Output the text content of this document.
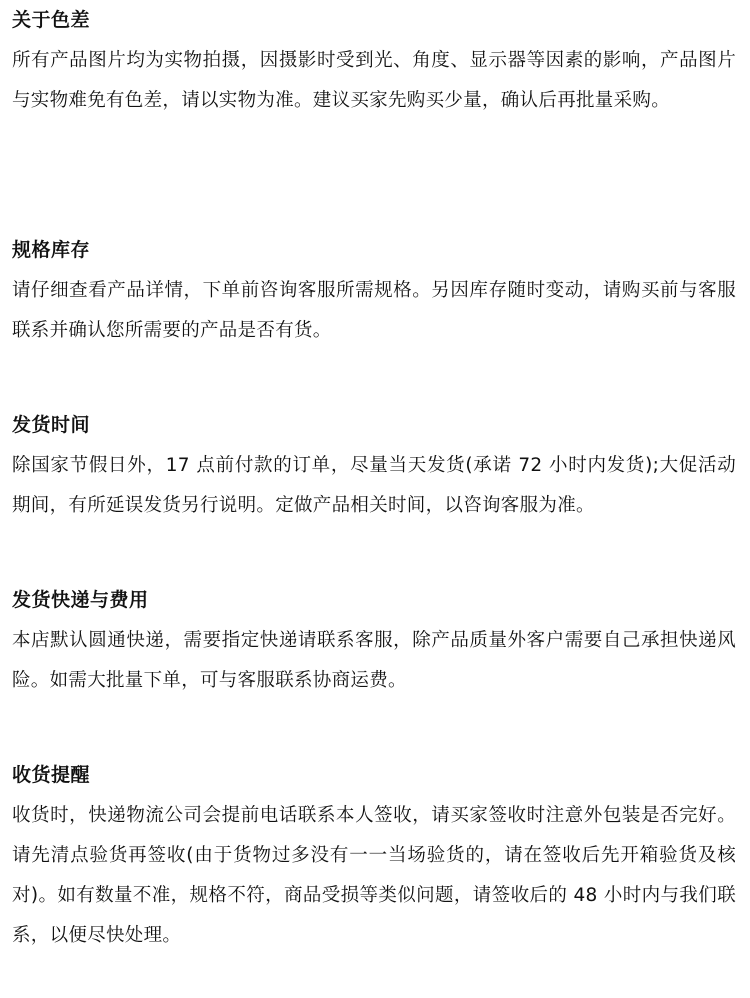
关于色差

所有产品图片均为实物拍摄，因摄影时受到光、角度、显示器等因素的影响，产品图片与实物难免有色差，请以实物为准。建议买家先购买少量，确认后再批量采购。

规格库存

请仔细查看产品详情，下单前咨询客服所需规格。另因库存随时变动，请购买前与客服联系并确认您所需要的产品是否有货。

发货时间

除国家节假日外，17 点前付款的订单，尽量当天发货(承诺 72 小时内发货);大促活动期间，有所延误发货另行说明。定做产品相关时间，以咨询客服为准。

发货快递与费用

本店默认圆通快递，需要指定快递请联系客服，除产品质量外客户需要自己承担快递风险。如需大批量下单，可与客服联系协商运费。

收货提醒

收货时，快递物流公司会提前电话联系本人签收，请买家签收时注意外包装是否完好。请先清点验货再签收(由于货物过多没有一一当场验货的，请在签收后先开箱验货及核对)。如有数量不准，规格不符，商品受损等类似问题，请签收后的 48 小时内与我们联系，以便尽快处理。
